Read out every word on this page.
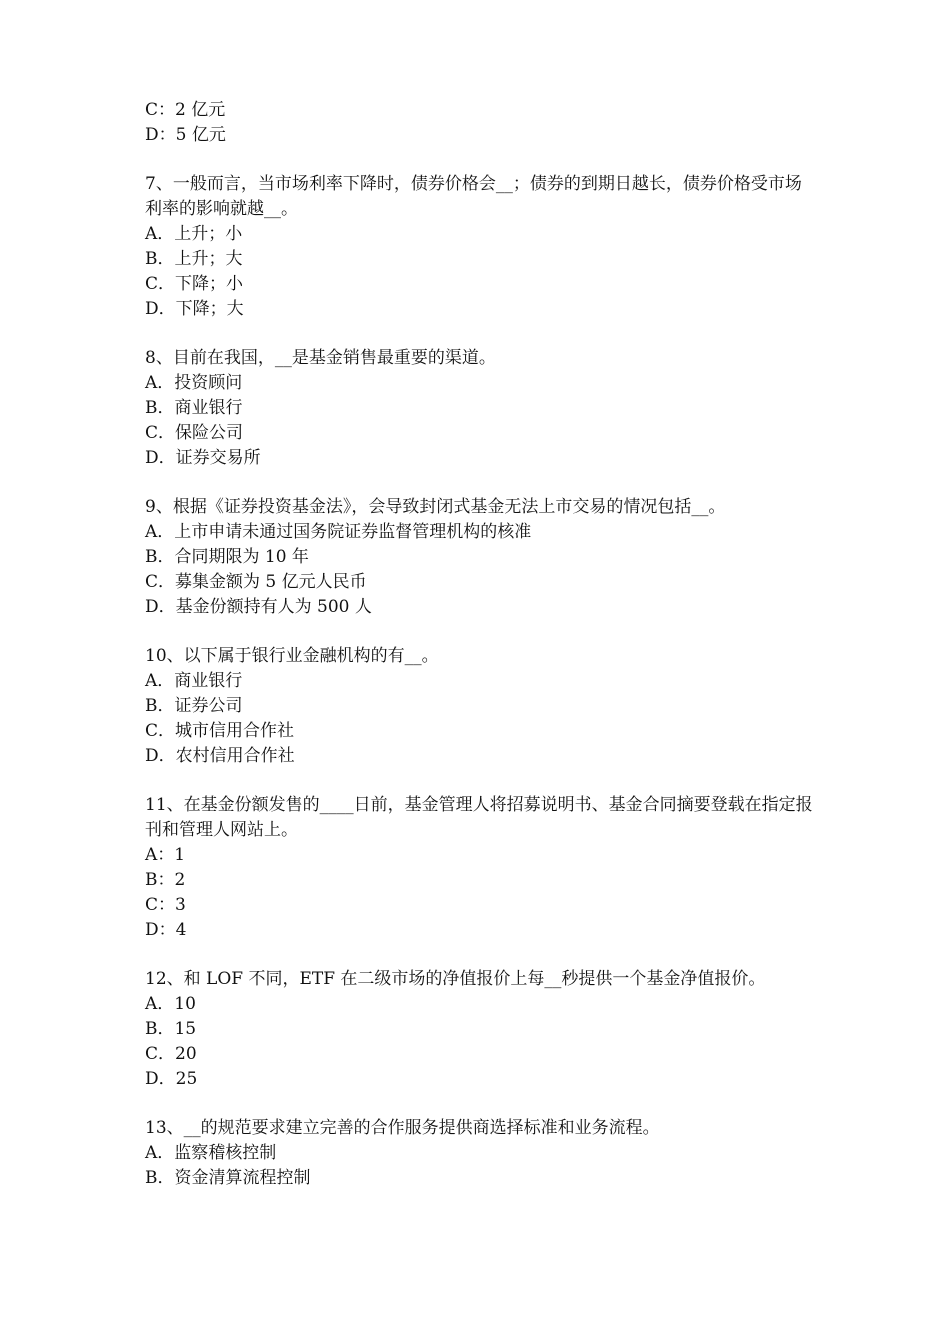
C：2 亿元
D：5 亿元
7、一般而言，当市场利率下降时，债券价格会__；债券的到期日越长，债券价格受市场利率的影响就越__。
A．上升；小
B．上升；大
C．下降；小
D．下降；大
8、目前在我国，__是基金销售最重要的渠道。
A．投资顾问
B．商业银行
C．保险公司
D．证券交易所
9、根据《证券投资基金法》，会导致封闭式基金无法上市交易的情况包括__。
A．上市申请未通过国务院证券监督管理机构的核准
B．合同期限为 10 年
C．募集金额为 5 亿元人民币
D．基金份额持有人为 500 人
10、以下属于银行业金融机构的有__。
A．商业银行
B．证券公司
C．城市信用合作社
D．农村信用合作社
11、在基金份额发售的____日前，基金管理人将招募说明书、基金合同摘要登载在指定报刊和管理人网站上。
A：1
B：2
C：3
D：4
12、和 LOF 不同，ETF 在二级市场的净值报价上每__秒提供一个基金净值报价。
A．10
B．15
C．20
D．25
13、__的规范要求建立完善的合作服务提供商选择标准和业务流程。
A．监察稽核控制
B．资金清算流程控制
